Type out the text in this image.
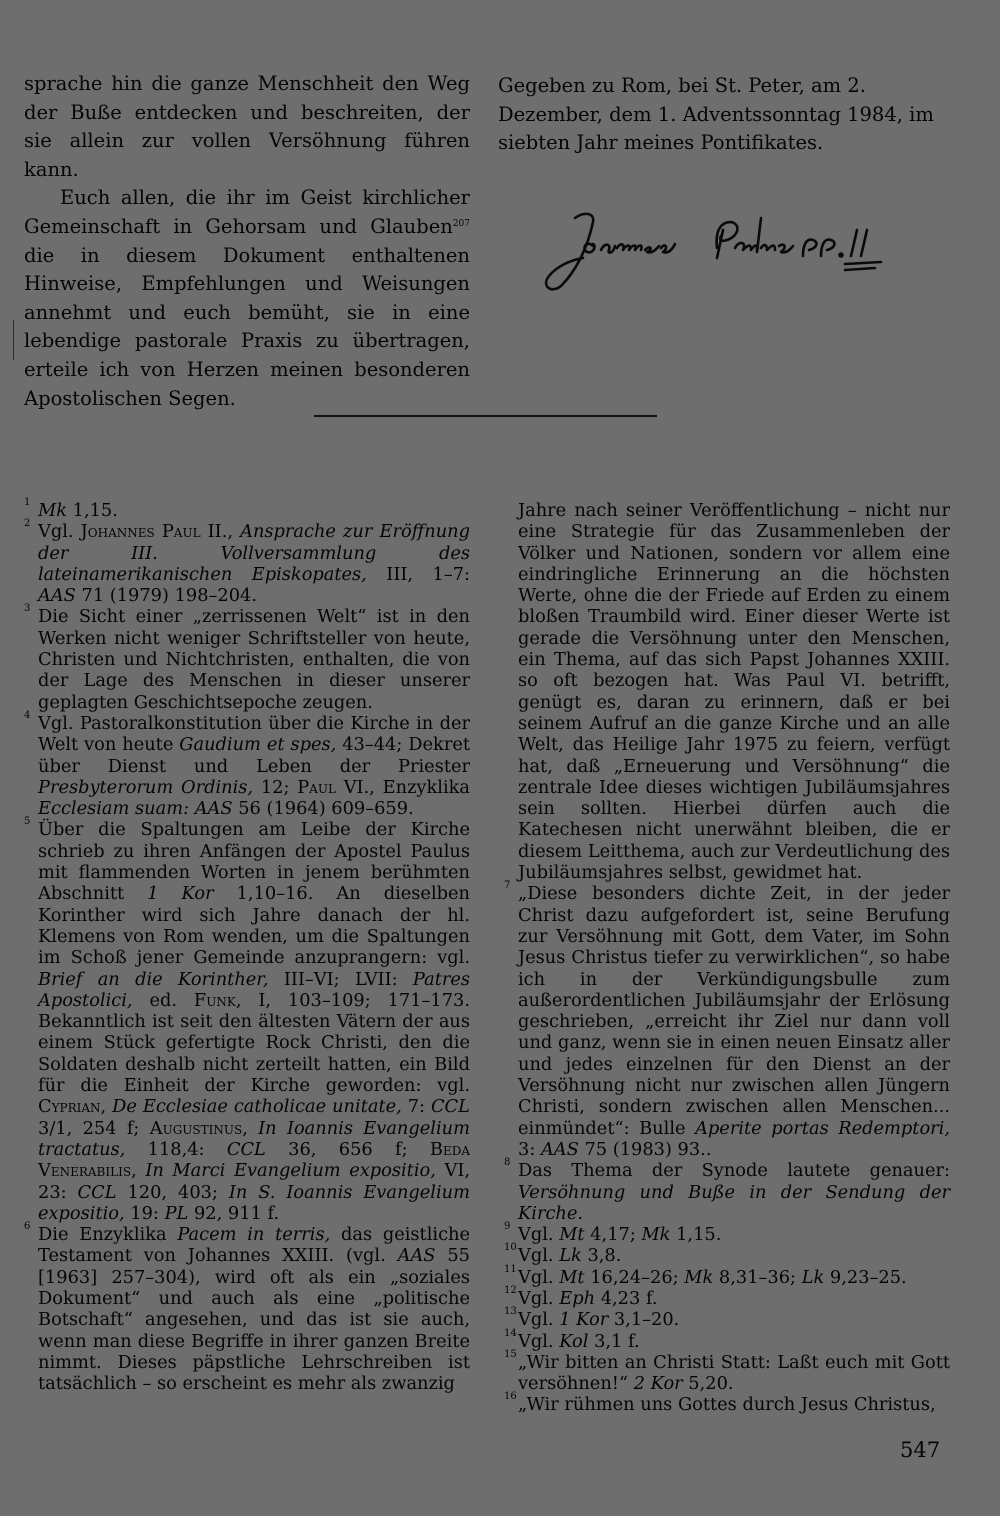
sprache hin die ganze Menschheit den Weg der Buße entdecken und beschreiten, der sie allein zur vollen Versöhnung führen kann.

Euch allen, die ihr im Geist kirchlicher Gemeinschaft in Gehorsam und Glauben$^{207}$ die in diesem Dokument enthaltenen Hinweise, Empfehlungen und Weisungen annehmt und euch bemüht, sie in eine lebendige pastorale Praxis zu übertragen, erteile ich von Herzen meinen besonderen Apostolischen Segen.

Gegeben zu Rom, bei St. Peter, am 2. Dezember, dem 1. Adventssonntag 1984, im siebten Jahr meines Pontifikates.

1 Mk 1,15.

2 Vgl. Johannes Paul II., Ansprache zur Eröffnung der III. Vollversammlung des lateinamerikanischen Episkopates, III, 1–7: AAS 71 (1979) 198–204.

3 Die Sicht einer „zerrissenen Welt“ ist in den Werken nicht weniger Schriftsteller von heute, Christen und Nichtchristen, enthalten, die von der Lage des Menschen in dieser unserer geplagten Geschichtsepoche zeugen.

4 Vgl. Pastoralkonstitution über die Kirche in der Welt von heute Gaudium et spes, 43–44; Dekret über Dienst und Leben der Priester Presbyterorum Ordinis, 12; Paul VI., Enzyklika Ecclesiam suam: AAS 56 (1964) 609–659.

5 Über die Spaltungen am Leibe der Kirche schrieb zu ihren Anfängen der Apostel Paulus mit flammenden Worten in jenem berühmten Abschnitt 1 Kor 1,10–16. An dieselben Korinther wird sich Jahre danach der hl. Klemens von Rom wenden, um die Spaltungen im Schoß jener Gemeinde anzuprangern: vgl. Brief an die Korinther, III–VI; LVII: Patres Apostolici, ed. Funk, I, 103–109; 171–173. Bekanntlich ist seit den ältesten Vätern der aus einem Stück gefertigte Rock Christi, den die Soldaten deshalb nicht zerteilt hatten, ein Bild für die Einheit der Kirche geworden: vgl. Cyprian, De Ecclesiae catholicae unitate, 7: CCL 3/1, 254 f; Augustinus, In Ioannis Evangelium tractatus, 118,4: CCL 36, 656 f; Beda Venerabilis, In Marci Evangelium expositio, VI, 23: CCL 120, 403; In S. Ioannis Evangelium expositio, 19: PL 92, 911 f.

6 Die Enzyklika Pacem in terris, das geistliche Testament von Johannes XXIII. (vgl. AAS 55 [1963] 257–304), wird oft als ein „soziales Dokument“ und auch als eine „politische Botschaft“ angesehen, und das ist sie auch, wenn man diese Begriffe in ihrer ganzen Breite nimmt. Dieses päpstliche Lehrschreiben ist tatsächlich – so erscheint es mehr als zwanzig

Jahre nach seiner Veröffentlichung – nicht nur eine Strategie für das Zusammenleben der Völker und Nationen, sondern vor allem eine eindringliche Erinnerung an die höchsten Werte, ohne die der Friede auf Erden zu einem bloßen Traumbild wird. Einer dieser Werte ist gerade die Versöhnung unter den Menschen, ein Thema, auf das sich Papst Johannes XXIII. so oft bezogen hat. Was Paul VI. betrifft, genügt es, daran zu erinnern, daß er bei seinem Aufruf an die ganze Kirche und an alle Welt, das Heilige Jahr 1975 zu feiern, verfügt hat, daß „Erneuerung und Versöhnung“ die zentrale Idee dieses wichtigen Jubiläumsjahres sein sollten. Hierbei dürfen auch die Katechesen nicht unerwähnt bleiben, die er diesem Leitthema, auch zur Verdeutlichung des Jubiläumsjahres selbst, gewidmet hat.

7 „Diese besonders dichte Zeit, in der jeder Christ dazu aufgefordert ist, seine Berufung zur Versöhnung mit Gott, dem Vater, im Sohn Jesus Christus tiefer zu verwirklichen“, so habe ich in der Verkündigungsbulle zum außerordentlichen Jubiläumsjahr der Erlösung geschrieben, „erreicht ihr Ziel nur dann voll und ganz, wenn sie in einen neuen Einsatz aller und jedes einzelnen für den Dienst an der Versöhnung nicht nur zwischen allen Jüngern Christi, sondern zwischen allen Menschen... einmündet“: Bulle Aperite portas Redemptori, 3: AAS 75 (1983) 93..

8 Das Thema der Synode lautete genauer: Versöhnung und Buße in der Sendung der Kirche.

9 Vgl. Mt 4,17; Mk 1,15.

10 Vgl. Lk 3,8.

11 Vgl. Mt 16,24–26; Mk 8,31–36; Lk 9,23–25.

12 Vgl. Eph 4,23 f.

13 Vgl. 1 Kor 3,1–20.

14 Vgl. Kol 3,1 f.

15 „Wir bitten an Christi Statt: Laßt euch mit Gott versöhnen!“ 2 Kor 5,20.

16 „Wir rühmen uns Gottes durch Jesus Christus,

547
